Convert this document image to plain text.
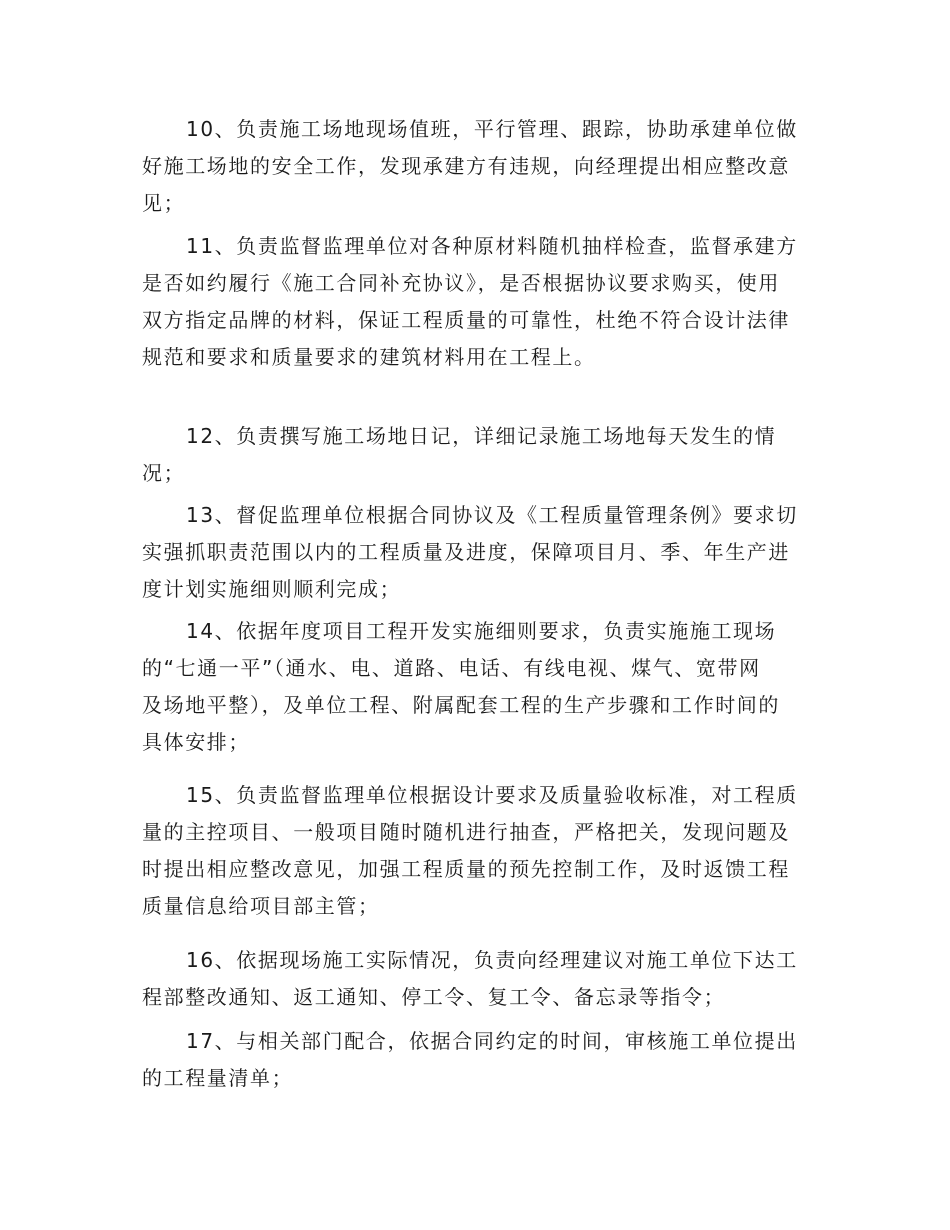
10、负责施工场地现场值班，平行管理、跟踪，协助承建单位做
好施工场地的安全工作，发现承建方有违规，向经理提出相应整改意
见；
11、负责监督监理单位对各种原材料随机抽样检查，监督承建方
是否如约履行《施工合同补充协议》，是否根据协议要求购买，使用
双方指定品牌的材料，保证工程质量的可靠性，杜绝不符合设计法律
规范和要求和质量要求的建筑材料用在工程上。
12、负责撰写施工场地日记，详细记录施工场地每天发生的情
况；
13、督促监理单位根据合同协议及《工程质量管理条例》要求切
实强抓职责范围以内的工程质量及进度，保障项目月、季、年生产进
度计划实施细则顺利完成；
14、依据年度项目工程开发实施细则要求，负责实施施工现场
的“七通一平”（通水、电、道路、电话、有线电视、煤气、宽带网
及场地平整），及单位工程、附属配套工程的生产步骤和工作时间的
具体安排；
15、负责监督监理单位根据设计要求及质量验收标准，对工程质
量的主控项目、一般项目随时随机进行抽查，严格把关，发现问题及
时提出相应整改意见，加强工程质量的预先控制工作，及时返馈工程
质量信息给项目部主管；
16、依据现场施工实际情况，负责向经理建议对施工单位下达工
程部整改通知、返工通知、停工令、复工令、备忘录等指令；
17、与相关部门配合，依据合同约定的时间，审核施工单位提出
的工程量清单；
